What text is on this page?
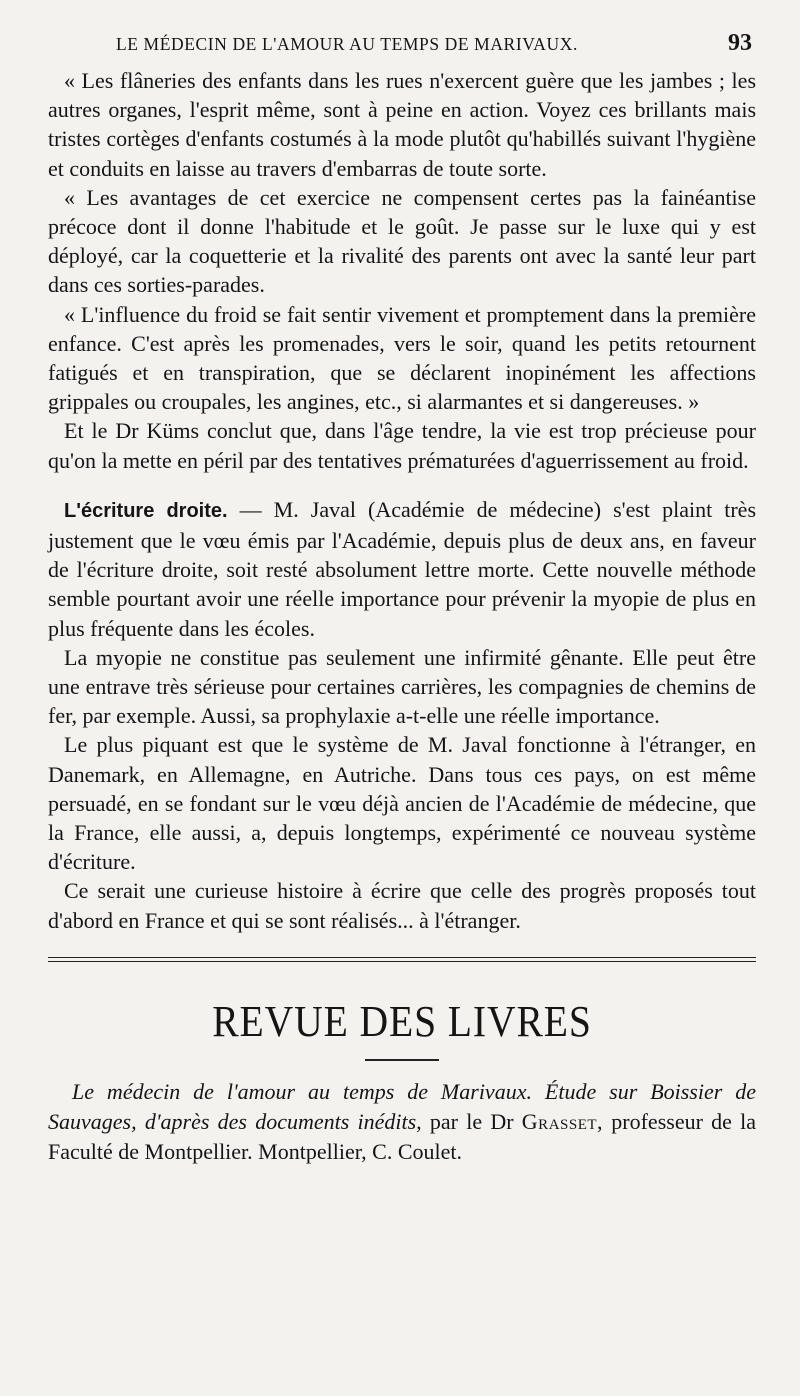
LE MÉDECIN DE L'AMOUR AU TEMPS DE MARIVAUX.	93

« Les flâneries des enfants dans les rues n'exercent guère que les jambes ; les autres organes, l'esprit même, sont à peine en action. Voyez ces brillants mais tristes cortèges d'enfants costumés à la mode plutôt qu'habillés suivant l'hygiène et conduits en laisse au travers d'embarras de toute sorte.

« Les avantages de cet exercice ne compensent certes pas la fainéantise précoce dont il donne l'habitude et le goût. Je passe sur le luxe qui y est déployé, car la coquetterie et la rivalité des parents ont avec la santé leur part dans ces sorties-parades.

« L'influence du froid se fait sentir vivement et promptement dans la première enfance. C'est après les promenades, vers le soir, quand les petits retournent fatigués et en transpiration, que se déclarent inopinément les affections grippales ou croupales, les angines, etc., si alarmantes et si dangereuses. »

Et le Dr Küms conclut que, dans l'âge tendre, la vie est trop précieuse pour qu'on la mette en péril par des tentatives prématurées d'aguerrissement au froid.

L'écriture droite. — M. Javal (Académie de médecine) s'est plaint très justement que le vœu émis par l'Académie, depuis plus de deux ans, en faveur de l'écriture droite, soit resté absolument lettre morte. Cette nouvelle méthode semble pourtant avoir une réelle importance pour prévenir la myopie de plus en plus fréquente dans les écoles.

La myopie ne constitue pas seulement une infirmité gênante. Elle peut être une entrave très sérieuse pour certaines carrières, les compagnies de chemins de fer, par exemple. Aussi, sa prophylaxie a-t-elle une réelle importance.

Le plus piquant est que le système de M. Javal fonctionne à l'étranger, en Danemark, en Allemagne, en Autriche. Dans tous ces pays, on est même persuadé, en se fondant sur le vœu déjà ancien de l'Académie de médecine, que la France, elle aussi, a, depuis longtemps, expérimenté ce nouveau système d'écriture.

Ce serait une curieuse histoire à écrire que celle des progrès proposés tout d'abord en France et qui se sont réalisés... à l'étranger.

REVUE DES LIVRES

Le médecin de l'amour au temps de Marivaux. Étude sur Boissier de Sauvages, d'après des documents inédits, par le Dr Grasset, professeur de la Faculté de Montpellier. Montpellier, C. Coulet.
